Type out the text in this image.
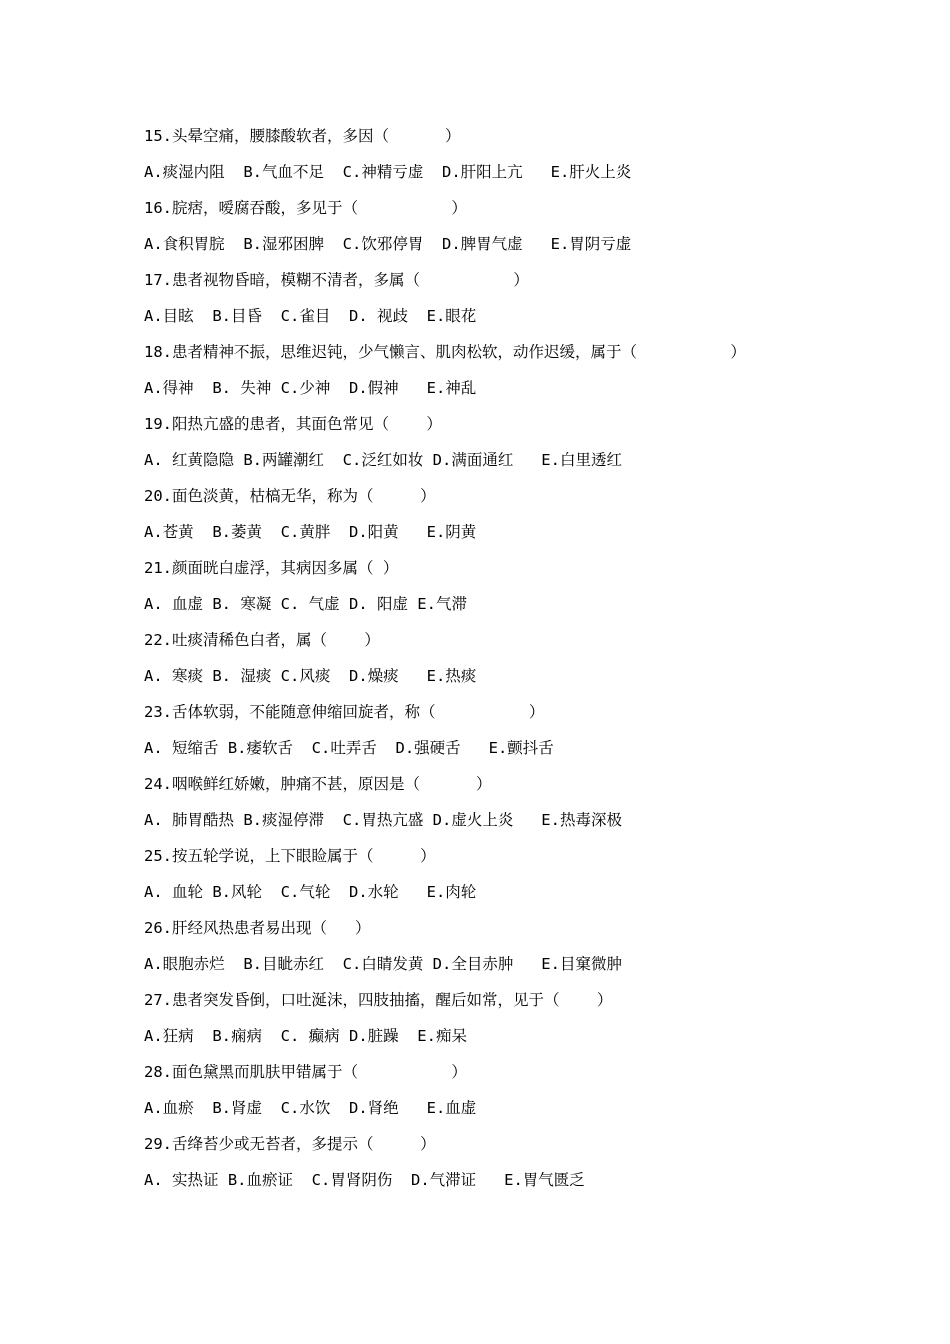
15.头晕空痛，腰膝酸软者，多因（      ）
A.痰湿内阻  B.气血不足  C.神精亏虚  D.肝阳上亢   E.肝火上炎
16.脘痞，嗳腐吞酸，多见于（          ）
A.食积胃脘  B.湿邪困脾  C.饮邪停胃  D.脾胃气虚   E.胃阴亏虚
17.患者视物昏暗，模糊不清者，多属（          ）
A.目眩  B.目昏  C.雀目  D. 视歧  E.眼花
18.患者精神不振，思维迟钝，少气懒言、肌肉松软，动作迟缓，属于（          ）
A.得神  B. 失神 C.少神  D.假神   E.神乱
19.阳热亢盛的患者，其面色常见（    ）
A. 红黄隐隐 B.两罐潮红  C.泛红如妆 D.满面通红   E.白里透红
20.面色淡黄，枯槁无华，称为（     ）
A.苍黄  B.萎黄  C.黄胖  D.阳黄   E.阴黄
21.颜面晄白虚浮，其病因多属（ ）
A. 血虚 B. 寒凝 C. 气虚 D. 阳虚 E.气滞
22.吐痰清稀色白者，属（    ）
A. 寒痰 B. 湿痰 C.风痰  D.燥痰   E.热痰
23.舌体软弱，不能随意伸缩回旋者，称（          ）
A. 短缩舌 B.痿软舌  C.吐弄舌  D.强硬舌   E.颤抖舌
24.咽喉鲜红娇嫩，肿痛不甚，原因是（      ）
A. 肺胃酷热 B.痰湿停滞  C.胃热亢盛 D.虚火上炎   E.热毒深极
25.按五轮学说，上下眼睑属于（     ）
A. 血轮 B.风轮  C.气轮  D.水轮   E.肉轮
26.肝经风热患者易出现（   ）
A.眼胞赤烂  B.目眦赤红  C.白睛发黄 D.全目赤肿   E.目窠微肿
27.患者突发昏倒，口吐涎沫，四肢抽搐，醒后如常，见于（    ）
A.狂病  B.痫病  C. 癫病 D.脏躁  E.痴呆
28.面色黛黑而肌肤甲错属于（          ）
A.血瘀  B.肾虚  C.水饮  D.肾绝   E.血虚
29.舌绛苔少或无苔者，多提示（     ）
A. 实热证 B.血瘀证  C.胃肾阴伤  D.气滞证   E.胃气匮乏
